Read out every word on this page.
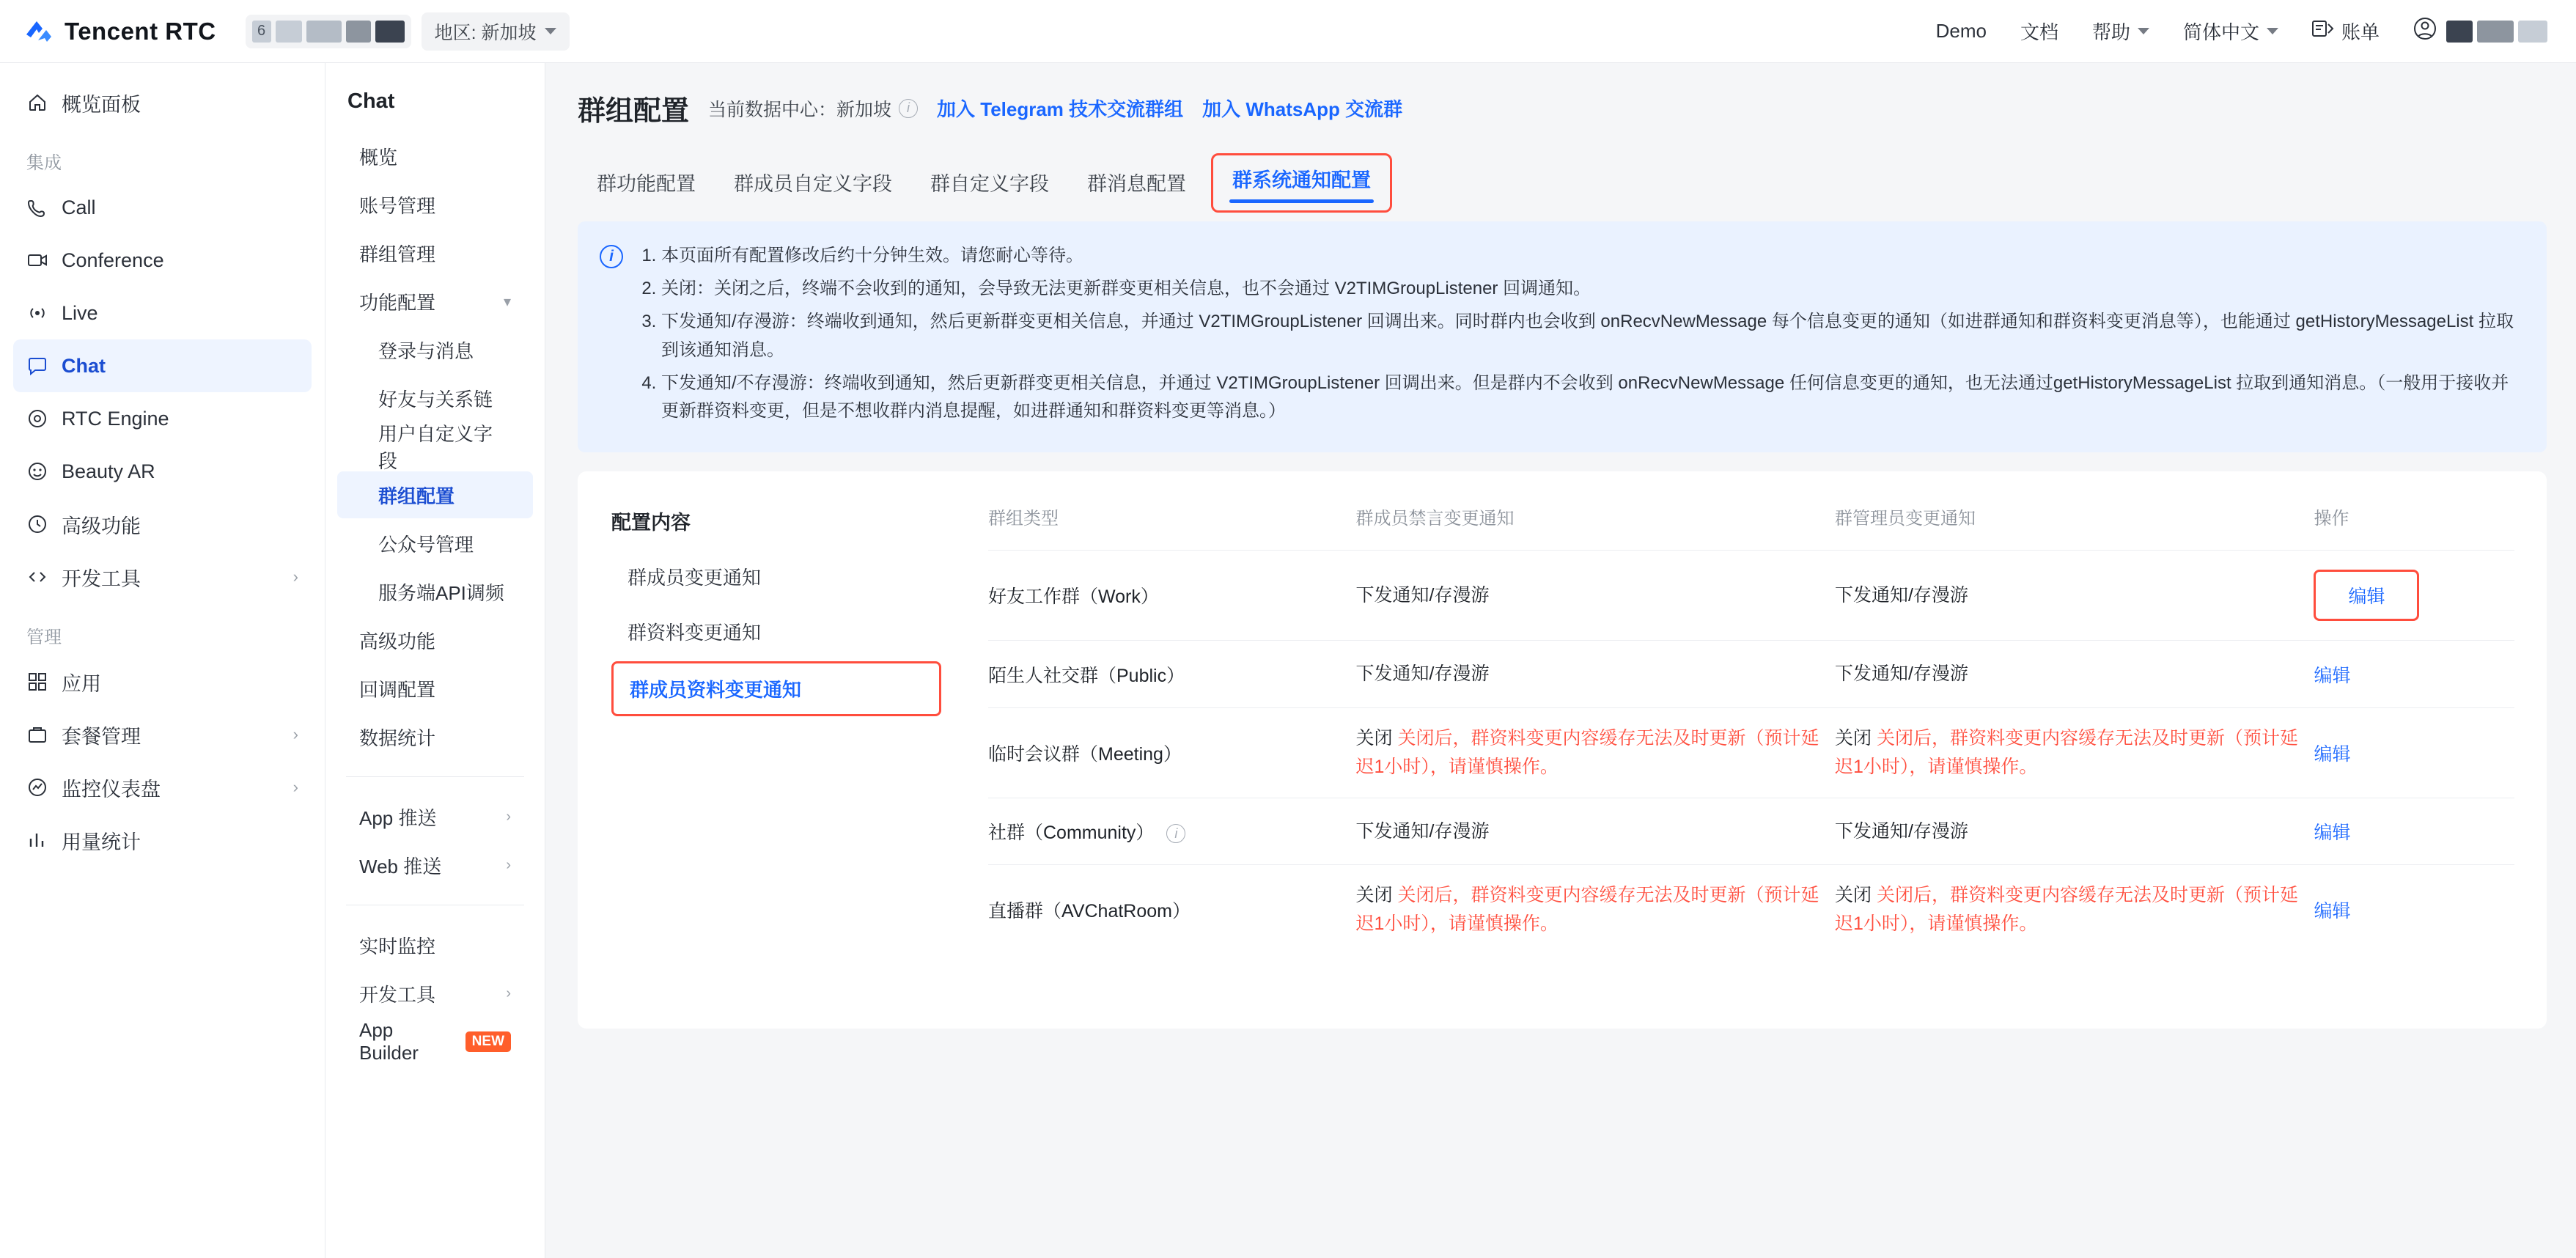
Tencent RTC	6	地区: 新加坡	Demo 文档 帮助	简体中文	账单
概览面板
集成
Call
Conference
Live
Chat
RTC Engine
Beauty AR
高级功能
开发工具	›
管理
应用
套餐管理	›
监控仪表盘	›
用量统计
Chat
概览
账号管理
群组管理
功能配置	▾
登录与消息
好友与关系链
用户自定义字段
群组配置
公众号管理
服务端API调频
高级功能
回调配置
数据统计
App 推送	›
Web 推送	›
实时监控
开发工具	›
App Builder
NEW
群组配置 当前数据中心：新加坡	i	加入 Telegram 技术交流群组 加入 WhatsApp 交流群
群功能配置	群成员自定义字段	群自定义字段	群消息配置	群系统通知配置
i	1. 本页面所有配置修改后约十分钟生效。请您耐心等待。
2. 关闭：关闭之后，终端不会收到的通知，会导致无法更新群变更相关信息，也不会通过 V2TIMGroupListener 回调通知。
3. 下发通知/存漫游：终端收到通知，然后更新群变更相关信息，并通过 V2TIMGroupListener 回调出来。同时群内也会收到 onRecvNewMessage 每个信息变更的通知（如进群通知和群资料变更消息等），也能通过 getHistoryMessageList 拉取到该通知消息。
4. 下发通知/不存漫游：终端收到通知，然后更新群变更相关信息，并通过 V2TIMGroupListener 回调出来。但是群内不会收到 onRecvNewMessage 任何信息变更的通知，也无法通过getHistoryMessageList 拉取到通知消息。（一般用于接收并更新群资料变更，但是不想收群内消息提醒，如进群通知和群资料变更等消息。）
配置内容
群成员变更通知
群资料变更通知
群成员资料变更通知
群组类型	群成员禁言变更通知	群管理员变更通知	操作
好友工作群（Work）	下发通知/存漫游	下发通知/存漫游	编辑
陌生人社交群（Public）	下发通知/存漫游	下发通知/存漫游	编辑
临时会议群（Meeting）	关闭 关闭后，群资料变更内容缓存无法及时更新（预计延迟1小时），请谨慎操作。	关闭 关闭后，群资料变更内容缓存无法及时更新（预计延迟1小时），请谨慎操作。	编辑
社群（Community） i	下发通知/存漫游	下发通知/存漫游	编辑
直播群（AVChatRoom）	关闭 关闭后，群资料变更内容缓存无法及时更新（预计延迟1小时），请谨慎操作。	关闭 关闭后，群资料变更内容缓存无法及时更新（预计延迟1小时），请谨慎操作。	编辑
